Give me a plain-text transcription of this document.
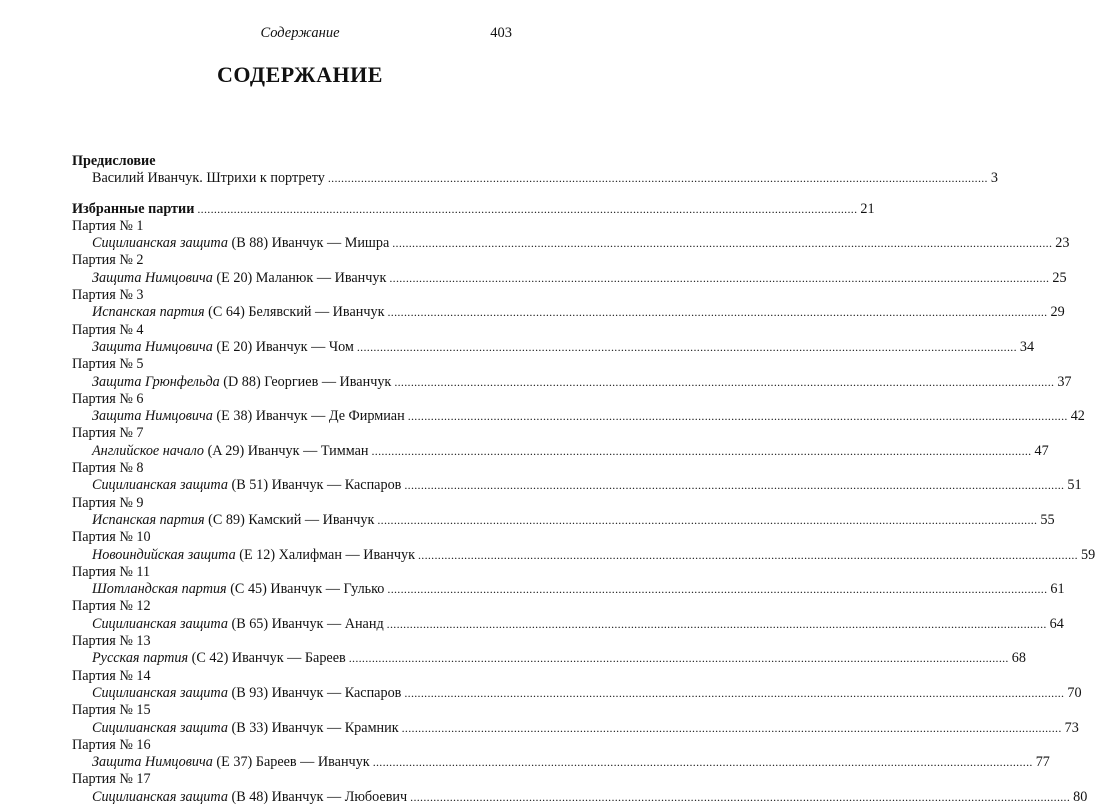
Содержание	403
СОДЕРЖАНИЕ
Предисловие
Василий Иванчук. Штрихи к портрету ........................................................................................................................................................................................................ 3
Избранные партии ........................................................................................................................................................................................................ 21
Партия № 1
Сицилианская защита (B 88) Иванчук — Мишра ........................................................................................................................................................................................................ 23
Партия № 2
Защита Нимцовича (E 20) Маланюк — Иванчук ........................................................................................................................................................................................................ 25
Партия № 3
Испанская партия (C 64) Белявский — Иванчук ........................................................................................................................................................................................................ 29
Партия № 4
Защита Нимцовича (E 20) Иванчук — Чом ........................................................................................................................................................................................................ 34
Партия № 5
Защита Грюнфельда (D 88) Георгиев — Иванчук ........................................................................................................................................................................................................ 37
Партия № 6
Защита Нимцовича (E 38) Иванчук — Де Фирмиан ........................................................................................................................................................................................................ 42
Партия № 7
Английское начало (A 29) Иванчук — Тимман ........................................................................................................................................................................................................ 47
Партия № 8
Сицилианская защита (B 51) Иванчук — Каспаров ........................................................................................................................................................................................................ 51
Партия № 9
Испанская партия (C 89) Камский — Иванчук ........................................................................................................................................................................................................ 55
Партия № 10
Новоиндийская защита (E 12) Халифман — Иванчук ........................................................................................................................................................................................................ 59
Партия № 11
Шотландская партия (C 45) Иванчук — Гулько ........................................................................................................................................................................................................ 61
Партия № 12
Сицилианская защита (B 65) Иванчук — Ананд ........................................................................................................................................................................................................ 64
Партия № 13
Русская партия (C 42) Иванчук — Бареев ........................................................................................................................................................................................................ 68
Партия № 14
Сицилианская защита (B 93) Иванчук — Каспаров ........................................................................................................................................................................................................ 70
Партия № 15
Сицилианская защита (B 33) Иванчук — Крамник ........................................................................................................................................................................................................ 73
Партия № 16
Защита Нимцовича (E 37) Бареев — Иванчук ........................................................................................................................................................................................................ 77
Партия № 17
Сицилианская защита (B 48) Иванчук — Любоевич ........................................................................................................................................................................................................ 80
